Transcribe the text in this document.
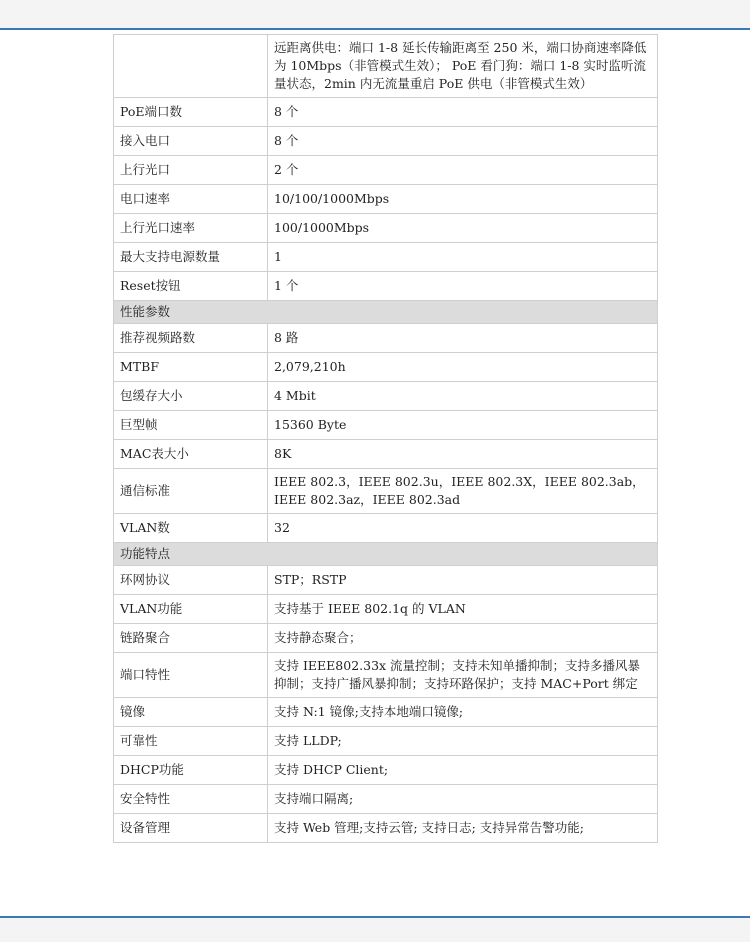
	远距离供电：端口 1-8 延长传输距离至 250 米，端口协商速率降低为 10Mbps（非管模式生效）； PoE 看门狗：端口 1-8 实时监听流量状态，2min 内无流量重启 PoE 供电（非管模式生效）
PoE端口数	8 个
接入电口	8 个
上行光口	2 个
电口速率	10/100/1000Mbps
上行光口速率	100/1000Mbps
最大支持电源数量	1
Reset按钮	1 个
性能参数	
推荐视频路数	8 路
MTBF	2,079,210h
包缓存大小	4 Mbit
巨型帧	15360 Byte
MAC表大小	8K
通信标准	IEEE 802.3，IEEE 802.3u，IEEE 802.3X，IEEE 802.3ab，IEEE 802.3az，IEEE 802.3ad
VLAN数	32
功能特点	
环网协议	STP；RSTP
VLAN功能	支持基于 IEEE 802.1q 的 VLAN
链路聚合	支持静态聚合；
端口特性	支持 IEEE802.33x 流量控制；支持未知单播抑制；支持多播风暴抑制；支持广播风暴抑制；支持环路保护；支持 MAC+Port 绑定
镜像	支持 N:1 镜像;支持本地端口镜像;
可靠性	支持 LLDP;
DHCP功能	支持 DHCP Client;
安全特性	支持端口隔离;
设备管理	支持 Web 管理;支持云管; 支持日志; 支持异常告警功能;
